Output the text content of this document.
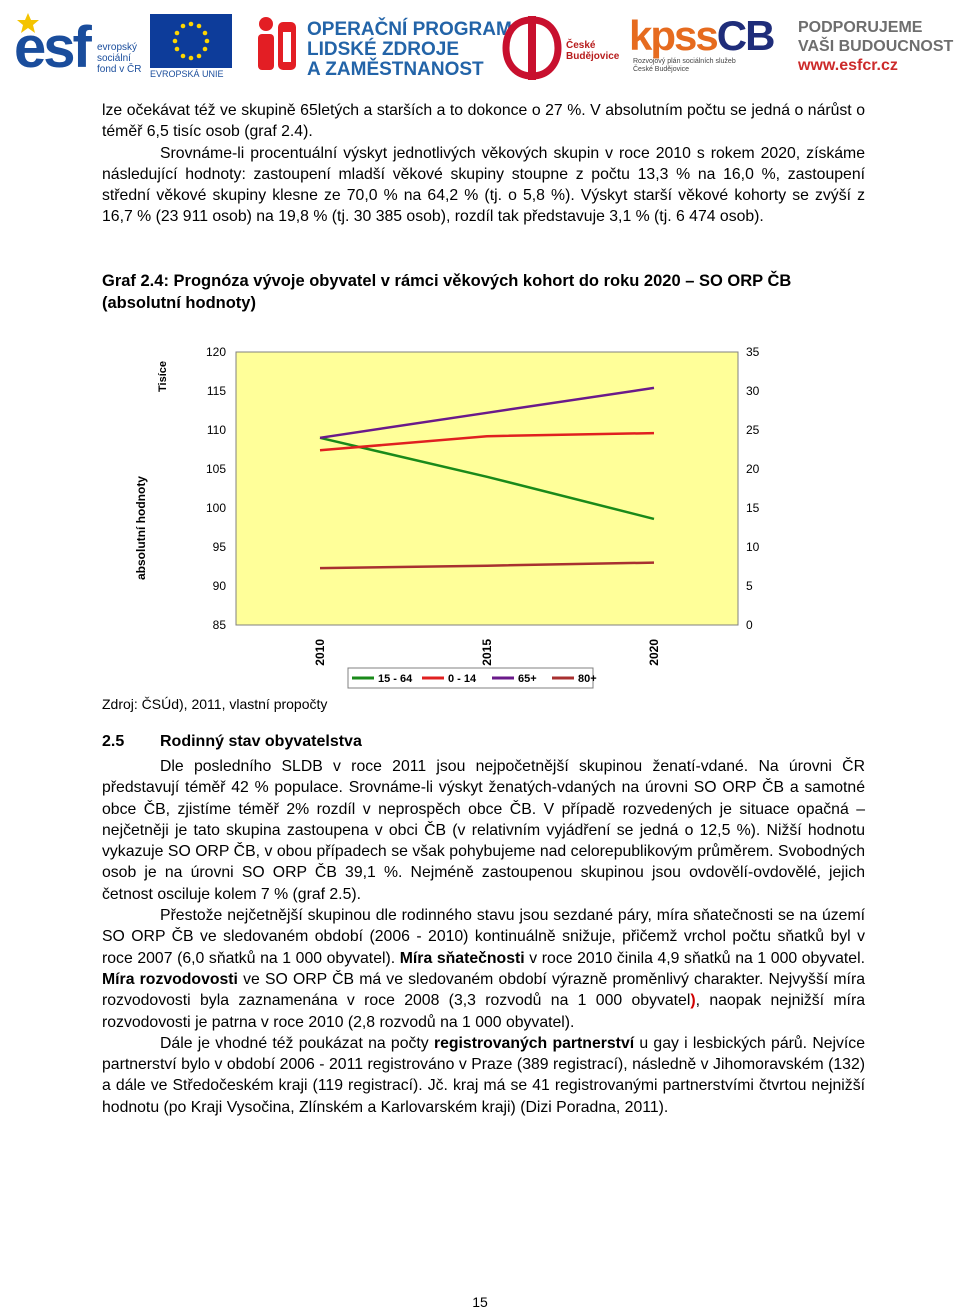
esf evropský
sociální
fond v ČR EVROPSKÁ UNIE
OPERAČNÍ PROGRAM
LIDSKÉ ZDROJE
A ZAMĚSTNANOST
České
Budějovice kpssCB
Rozvojový plán sociálních služeb
České Budějovice
PODPORUJEME
VAŠI BUDOUCNOST
www.esfcr.cz

lze očekávat též ve skupině 65letých a starších a to dokonce o 27 %. V absolutním počtu se jedná o nárůst o téměř 6,5 tisíc osob (graf 2.4).

Srovnáme-li procentuální výskyt jednotlivých věkových skupin v roce 2010 s rokem 2020, získáme následující hodnoty: zastoupení mladší věkové skupiny stoupne z počtu 13,3 % na 16,0 %, zastoupení střední věkové skupiny klesne ze 70,0 % na 64,2 % (tj. o 5,8 %). Výskyt starší věkové kohorty se zvýší z 16,7 % (23 911 osob) na 19,8 % (tj. 30 385 osob), rozdíl tak představuje 3,1 % (tj. 6 474 osob).

Graf 2.4: Prognóza vývoje obyvatel v rámci věkových kohort do roku 2020 – SO ORP ČB (absolutní hodnoty)
Tisíce
absolutní hodnoty
120
115
110
105
100
95
90
85
35
30
25
20
15
10
5
0
2010	2015	2020
15 - 64	0 - 14	65+	80+
Zdroj: ČSÚd), 2011, vlastní propočty
2.5 Rodinný stav obyvatelstva

Dle posledního SLDB v roce 2011 jsou nejpočetnější skupinou ženatí-vdané. Na úrovni ČR představují téměř 42 % populace. Srovnáme-li výskyt ženatých-vdaných na úrovni SO ORP ČB a samotné obce ČB, zjistíme téměř 2% rozdíl v neprospěch obce ČB. V případě rozvedených je situace opačná – nejčetněji je tato skupina zastoupena v obci ČB (v relativním vyjádření se jedná o 12,5 %). Nižší hodnotu vykazuje SO ORP ČB, v obou případech se však pohybujeme nad celorepublikovým průměrem. Svobodných osob je na úrovni SO ORP ČB 39,1 %. Nejméně zastoupenou skupinou jsou ovdovělí-ovdovělé, jejich četnost osciluje kolem 7 % (graf 2.5).

Přestože nejčetnější skupinou dle rodinného stavu jsou sezdané páry, míra sňatečnosti se na území SO ORP ČB ve sledovaném období (2006 - 2010) kontinuálně snižuje, přičemž vrchol počtu sňatků byl v roce 2007 (6,0 sňatků na 1 000 obyvatel). Míra sňatečnosti v roce 2010 činila 4,9 sňatků na 1 000 obyvatel. Míra rozvodovosti ve SO ORP ČB má ve sledovaném období výrazně proměnlivý charakter. Nejvyšší míra rozvodovosti byla zaznamenána v roce 2008 (3,3 rozvodů na 1 000 obyvatel), naopak nejnižší míra rozvodovosti je patrna v roce 2010 (2,8 rozvodů na 1 000 obyvatel).

Dále je vhodné též poukázat na počty registrovaných partnerství u gay i lesbických párů. Nejvíce partnerství bylo v období 2006 - 2011 registrováno v Praze (389 registrací), následně v Jihomoravském (132) a dále ve Středočeském kraji (119 registrací). Jč. kraj má se 41 registrovanými partnerstvími čtvrtou nejnižší hodnotu (po Kraji Vysočina, Zlínském a Karlovarském kraji) (Dizi Poradna, 2011).

15
